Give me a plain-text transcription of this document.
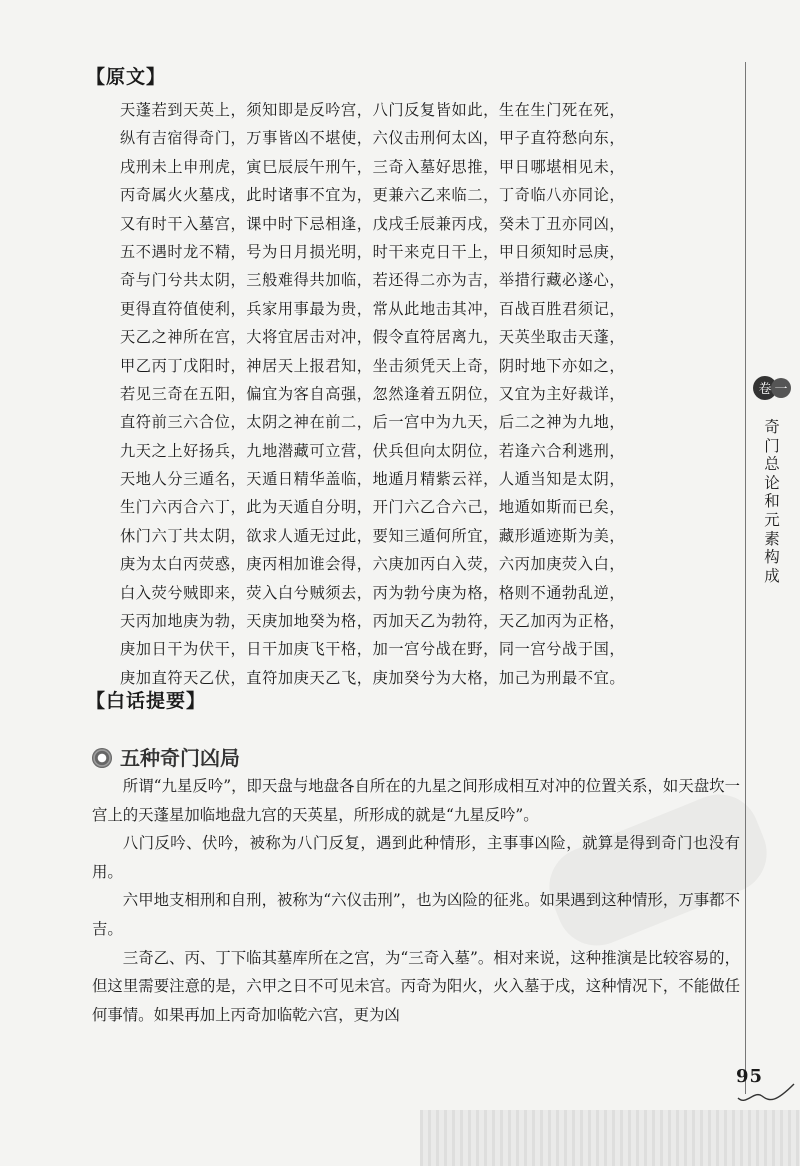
【原文】
天蓬若到天英上，须知即是反吟宫，八门反复皆如此，生在生门死在死，
纵有吉宿得奇门，万事皆凶不堪使，六仪击刑何太凶，甲子直符愁向东，
戌刑未上申刑虎，寅巳辰辰午刑午，三奇入墓好思推，甲日哪堪相见未，
丙奇属火火墓戌，此时诸事不宜为，更兼六乙来临二，丁奇临八亦同论，
又有时干入墓宫，课中时下忌相逢，戊戌壬辰兼丙戌，癸未丁丑亦同凶，
五不遇时龙不精，号为日月损光明，时干来克日干上，甲日须知时忌庚，
奇与门兮共太阴，三般难得共加临，若还得二亦为吉，举措行藏必遂心，
更得直符值使利，兵家用事最为贵，常从此地击其冲，百战百胜君须记，
天乙之神所在宫，大将宜居击对冲，假令直符居离九，天英坐取击天蓬，
甲乙丙丁戊阳时，神居天上报君知，坐击须凭天上奇，阴时地下亦如之，
若见三奇在五阳，偏宜为客自高强，忽然逢着五阴位，又宜为主好裁详，
直符前三六合位，太阴之神在前二，后一宫中为九天，后二之神为九地，
九天之上好扬兵，九地潜藏可立营，伏兵但向太阴位，若逢六合利逃刑，
天地人分三遁名，天遁日精华盖临，地遁月精紫云祥，人遁当知是太阴，
生门六丙合六丁，此为天遁自分明，开门六乙合六己，地遁如斯而已矣，
休门六丁共太阴，欲求人遁无过此，要知三遁何所宜，藏形遁迹斯为美，
庚为太白丙荧惑，庚丙相加谁会得，六庚加丙白入荧，六丙加庚荧入白，
白入荧兮贼即来，荧入白兮贼须去，丙为勃兮庚为格，格则不通勃乱逆，
天丙加地庚为勃，天庚加地癸为格，丙加天乙为勃符，天乙加丙为正格，
庚加日干为伏干，日干加庚飞干格，加一宫兮战在野，同一宫兮战于国，
庚加直符天乙伏，直符加庚天乙飞，庚加癸兮为大格，加己为刑最不宜。
【白话提要】
五种奇门凶局

所谓“九星反吟”，即天盘与地盘各自所在的九星之间形成相互对冲的位置关系，如天盘坎一宫上的天蓬星加临地盘九宫的天英星，所形成的就是“九星反吟”。

八门反吟、伏吟，被称为八门反复，遇到此种情形，主事事凶险，就算是得到奇门也没有用。

六甲地支相刑和自刑，被称为“六仪击刑”，也为凶险的征兆。如果遇到这种情形，万事都不吉。

三奇乙、丙、丁下临其墓库所在之宫，为“三奇入墓”。相对来说，这种推演是比较容易的，但这里需要注意的是，六甲之日不可见未宫。丙奇为阳火，火入墓于戌，这种情况下，不能做任何事情。如果再加上丙奇加临乾六宫，更为凶

卷 一
奇门总论和元素构成
95
